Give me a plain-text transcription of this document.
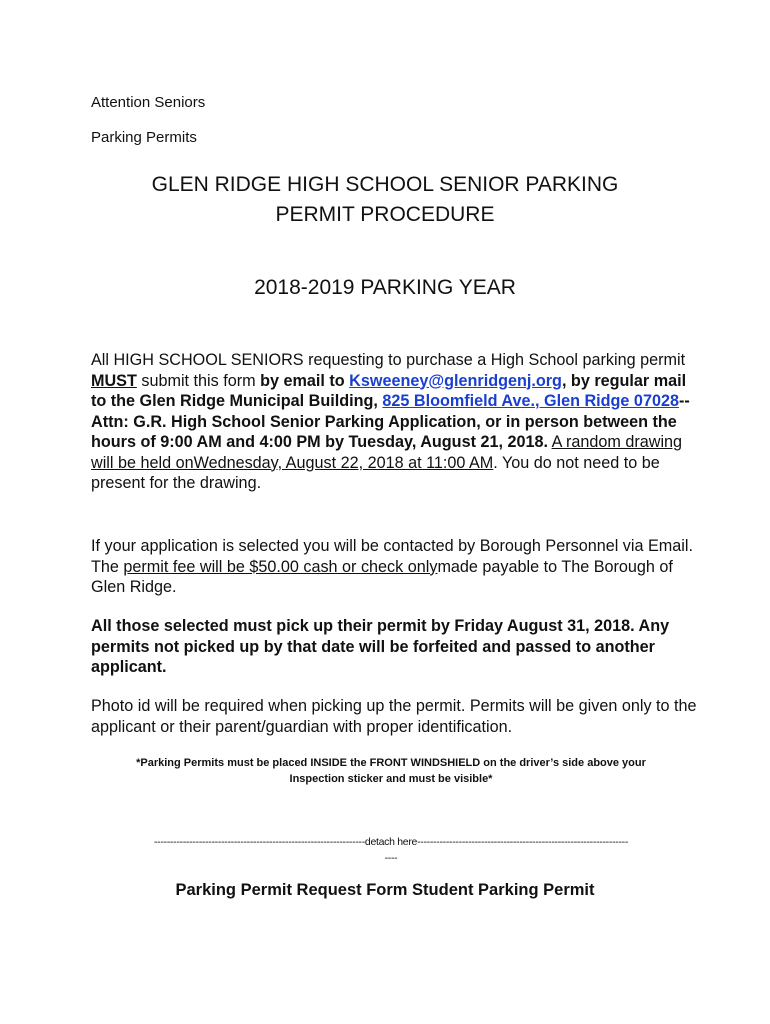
Attention Seniors
Parking Permits
GLEN RIDGE HIGH SCHOOL SENIOR PARKING
PERMIT PROCEDURE
2018-2019 PARKING YEAR
All HIGH SCHOOL SENIORS requesting to purchase a High School parking permit MUST submit this form by email to Ksweeney@glenridgenj.org, by regular mail to the Glen Ridge Municipal Building, 825 Bloomfield Ave., Glen Ridge 07028--Attn: G.R. High School Senior Parking Application, or in person between the hours of 9:00 AM and 4:00 PM by Tuesday, August 21, 2018. A random drawing will be held onWednesday, August 22, 2018 at 11:00 AM. You do not need to be present for the drawing.
If your application is selected you will be contacted by Borough Personnel via Email. The permit fee will be $50.00 cash or check onlymade payable to The Borough of Glen Ridge.
All those selected must pick up their permit by Friday August 31, 2018. Any permits not picked up by that date will be forfeited and passed to another applicant.
Photo id will be required when picking up the permit. Permits will be given only to the applicant or their parent/guardian with proper identification.
*Parking Permits must be placed INSIDE the FRONT WINDSHIELD on the driver’s side above your
Inspection sticker and must be visible*
------------------------------------------------------------------detach here------------------------------------------------------------------
----
Parking Permit Request Form Student Parking Permit
